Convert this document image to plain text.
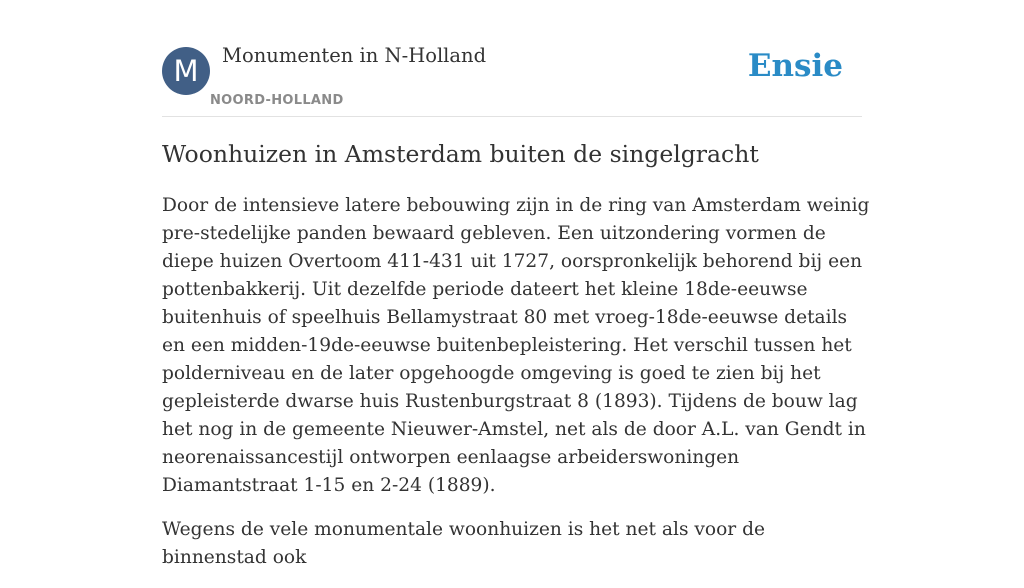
M	Monumenten in N-Holland
NOORD-HOLLAND
Ensie
Woonhuizen in Amsterdam buiten de singelgracht

Door de intensieve latere bebouwing zijn in de ring van Amsterdam weinig pre-stedelijke panden bewaard gebleven. Een uitzondering vormen de diepe huizen Overtoom 411-431 uit 1727, oorspronkelijk behorend bij een pottenbakkerij. Uit dezelfde periode dateert het kleine 18de-eeuwse buitenhuis of speelhuis Bellamystraat 80 met vroeg-18de-eeuwse details en een midden-19de-eeuwse buitenbepleistering. Het verschil tussen het polderniveau en de later opgehoogde omgeving is goed te zien bij het gepleisterde dwarse huis Rustenburgstraat 8 (1893). Tijdens de bouw lag het nog in de gemeente Nieuwer-Amstel, net als de door A.L. van Gendt in neorenaissancestijl ontworpen eenlaagse arbeiderswoningen Diamantstraat 1-15 en 2-24 (1889).

Wegens de vele monumentale woonhuizen is het net als voor de binnenstad ook
